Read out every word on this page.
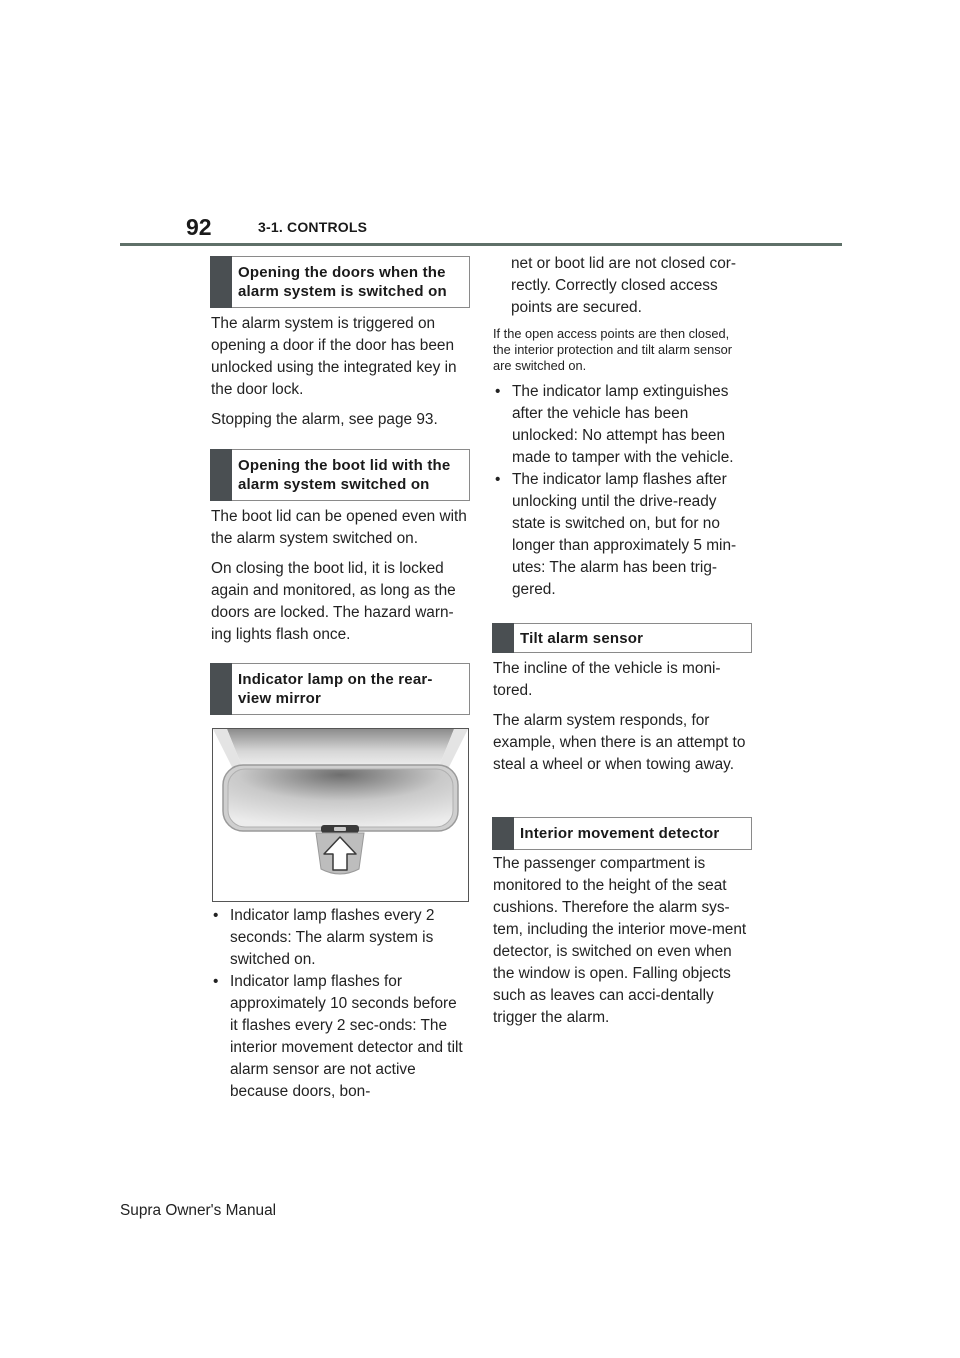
92	3-1. CONTROLS
Opening the doors when the alarm system is switched on

The alarm system is triggered on opening a door if the door has been unlocked using the integrated key in the door lock.

Stopping the alarm, see page 93.

Opening the boot lid with the alarm system switched on

The boot lid can be opened even with the alarm system switched on.

On closing the boot lid, it is locked again and monitored, as long as the doors are locked. The hazard warn-ing lights flash once.

Indicator lamp on the rear-view mirror
• Indicator lamp flashes every 2 seconds: The alarm system is switched on.
• Indicator lamp flashes for approximately 10 seconds before it flashes every 2 sec-onds: The interior movement detector and tilt alarm sensor are not active because doors, bon-
net or boot lid are not closed cor-rectly. Correctly closed access points are secured.
If the open access points are then closed, the interior protection and tilt alarm sensor are switched on.
• The indicator lamp extinguishes after the vehicle has been unlocked: No attempt has been made to tamper with the vehicle.
• The indicator lamp flashes after unlocking until the drive-ready state is switched on, but for no longer than approximately 5 min-utes: The alarm has been trig-gered.
Tilt alarm sensor

The incline of the vehicle is moni-tored.

The alarm system responds, for example, when there is an attempt to steal a wheel or when towing away.

Interior movement detector

The passenger compartment is monitored to the height of the seat cushions. Therefore the alarm sys-tem, including the interior move-ment detector, is switched on even when the window is open. Falling objects such as leaves can acci-dentally trigger the alarm.

Supra Owner's Manual
